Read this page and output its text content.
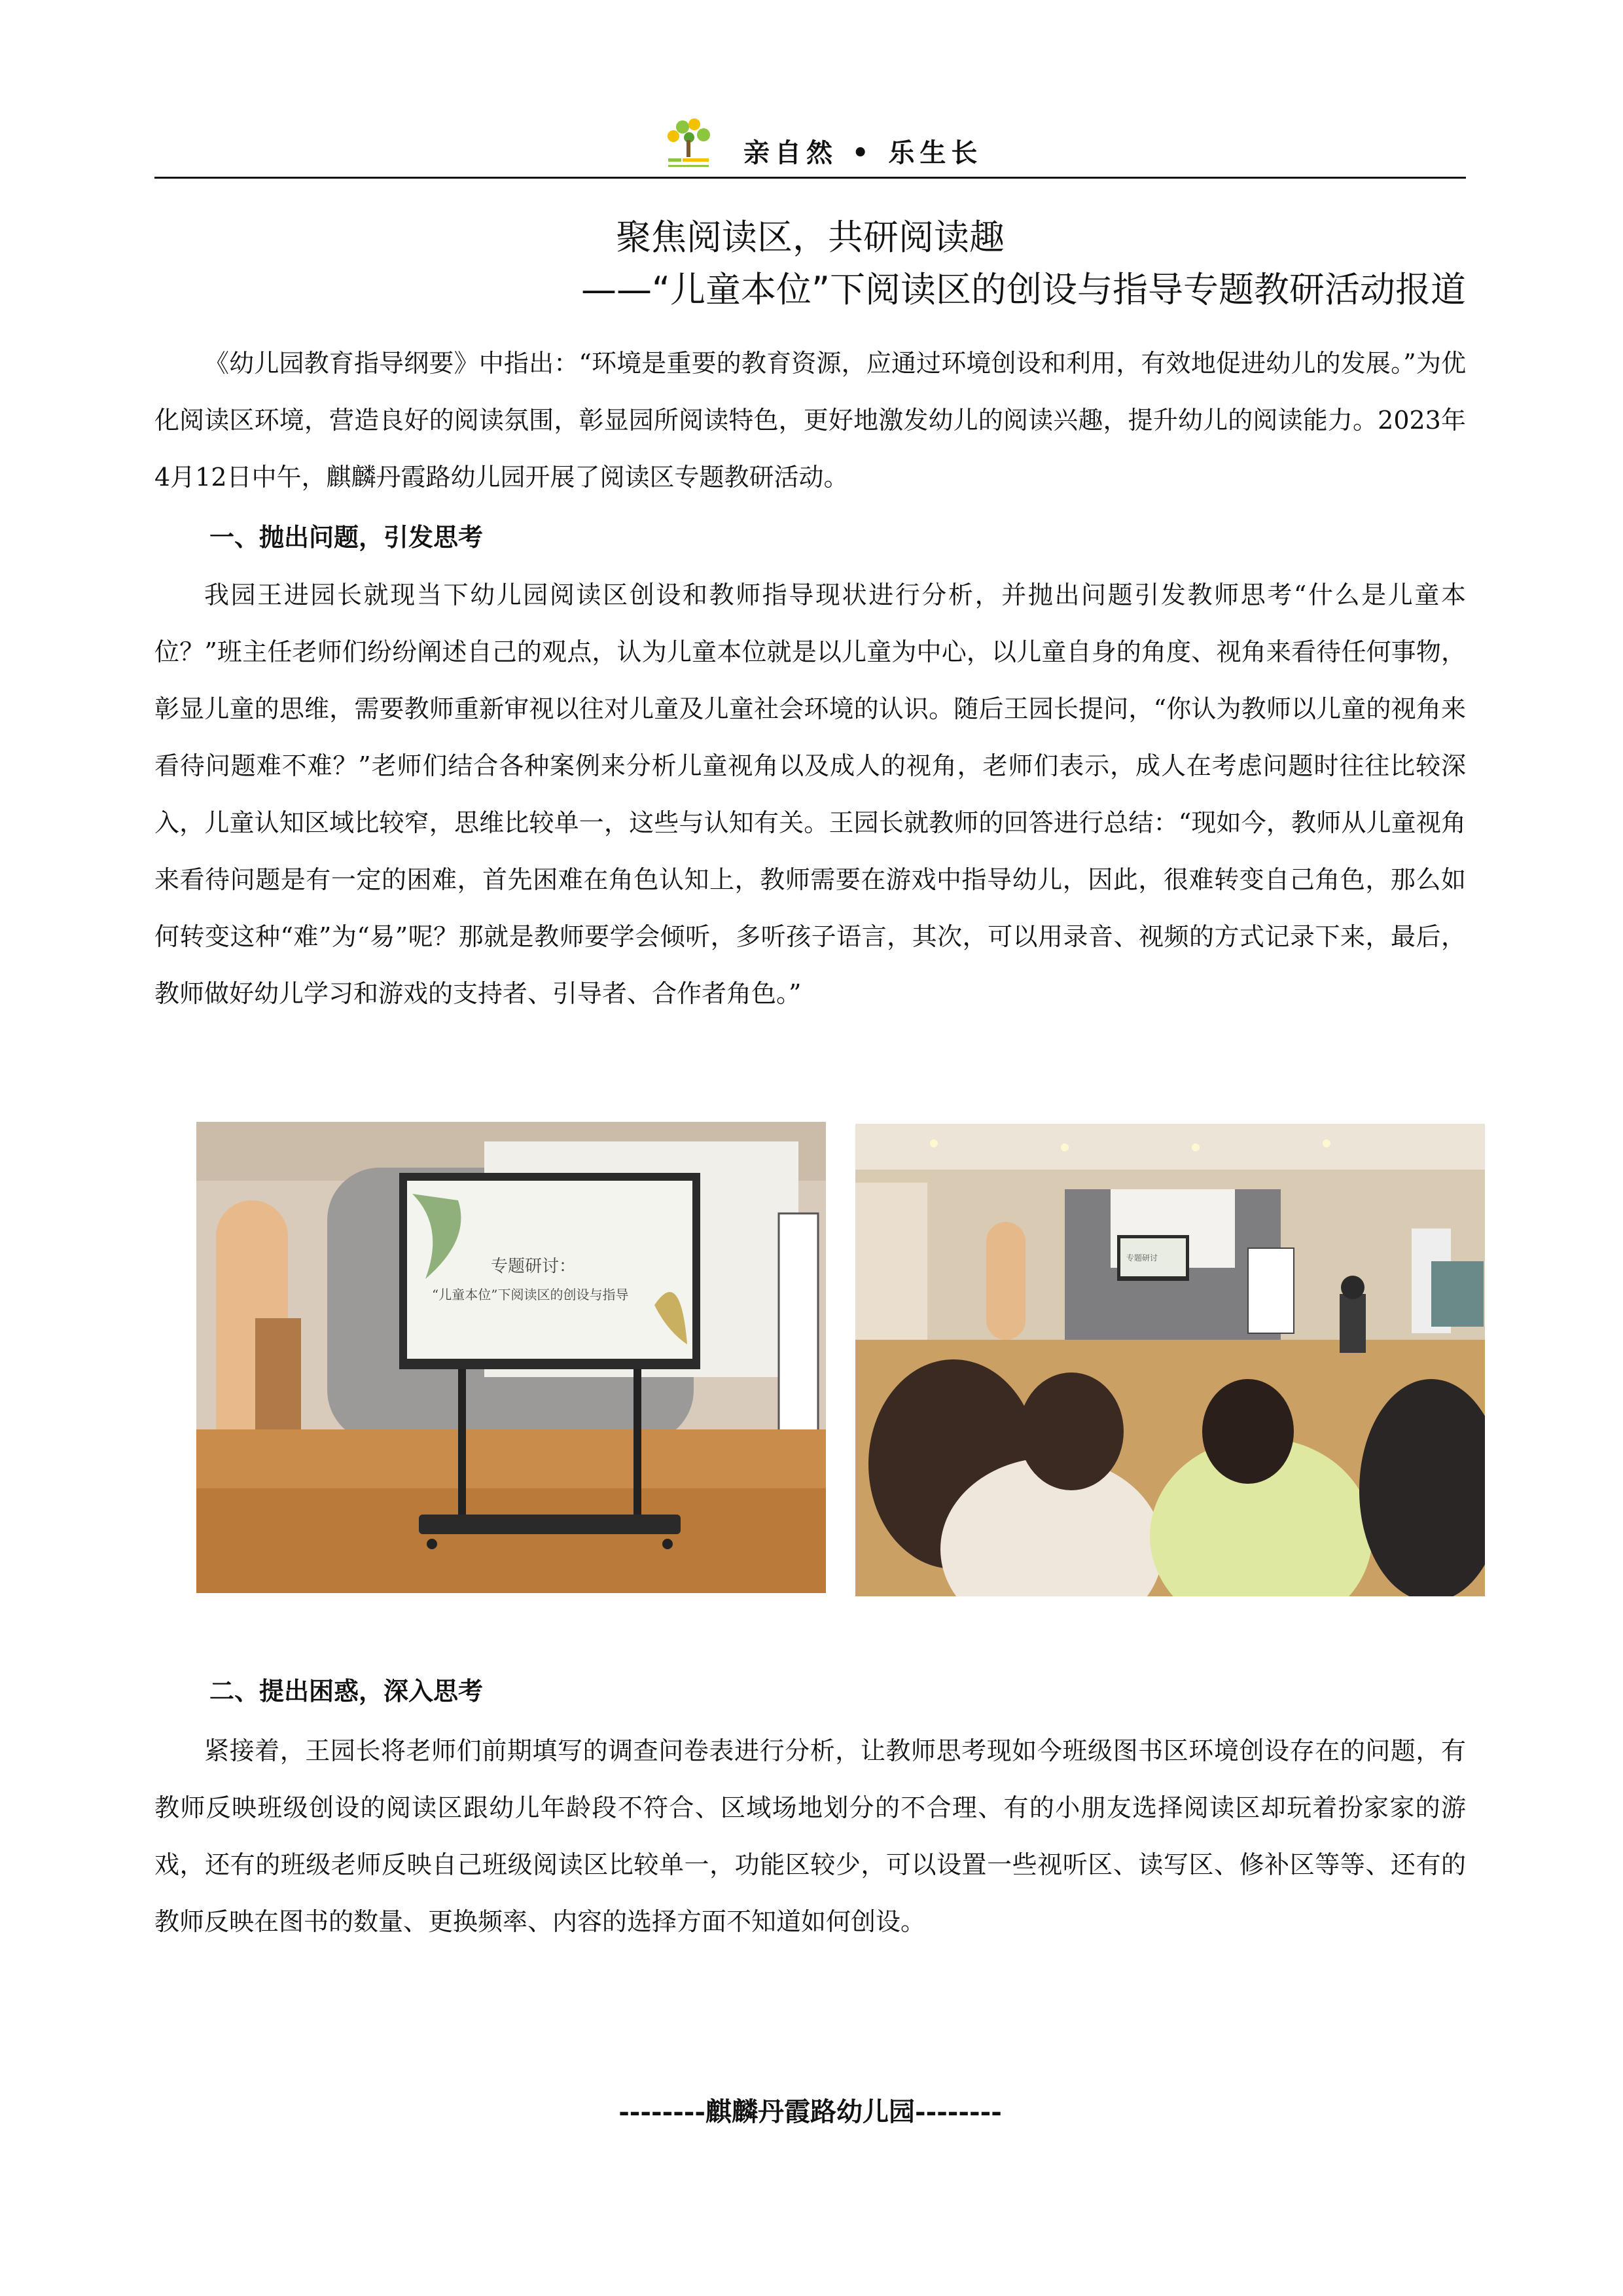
亲自然 • 乐生长
聚焦阅读区，共研阅读趣
——“儿童本位”下阅读区的创设与指导专题教研活动报道

《幼儿园教育指导纲要》中指出：“环境是重要的教育资源，应通过环境创设和利用，有效地促进幼儿的发展。”为优化阅读区环境，营造良好的阅读氛围，彰显园所阅读特色，更好地激发幼儿的阅读兴趣，提升幼儿的阅读能力。2023年4月12日中午，麒麟丹霞路幼儿园开展了阅读区专题教研活动。

一、抛出问题，引发思考

我园王进园长就现当下幼儿园阅读区创设和教师指导现状进行分析，并抛出问题引发教师思考“什么是儿童本位？”班主任老师们纷纷阐述自己的观点，认为儿童本位就是以儿童为中心，以儿童自身的角度、视角来看待任何事物，彰显儿童的思维，需要教师重新审视以往对儿童及儿童社会环境的认识。随后王园长提问，“你认为教师以儿童的视角来看待问题难不难？”老师们结合各种案例来分析儿童视角以及成人的视角，老师们表示，成人在考虑问题时往往比较深入，儿童认知区域比较窄，思维比较单一，这些与认知有关。王园长就教师的回答进行总结：“现如今，教师从儿童视角来看待问题是有一定的困难，首先困难在角色认知上，教师需要在游戏中指导幼儿，因此，很难转变自己角色，那么如何转变这种“难”为“易”呢？那就是教师要学会倾听，多听孩子语言，其次，可以用录音、视频的方式记录下来，最后，教师做好幼儿学习和游戏的支持者、引导者、合作者角色。”

专题研讨：
“儿童本位”下阅读区的创设与指导
专题研讨
二、提出困惑，深入思考

紧接着，王园长将老师们前期填写的调查问卷表进行分析，让教师思考现如今班级图书区环境创设存在的问题，有教师反映班级创设的阅读区跟幼儿年龄段不符合、区域场地划分的不合理、有的小朋友选择阅读区却玩着扮家家的游戏，还有的班级老师反映自己班级阅读区比较单一，功能区较少，可以设置一些视听区、读写区、修补区等等、还有的教师反映在图书的数量、更换频率、内容的选择方面不知道如何创设。

--------麒麟丹霞路幼儿园--------
